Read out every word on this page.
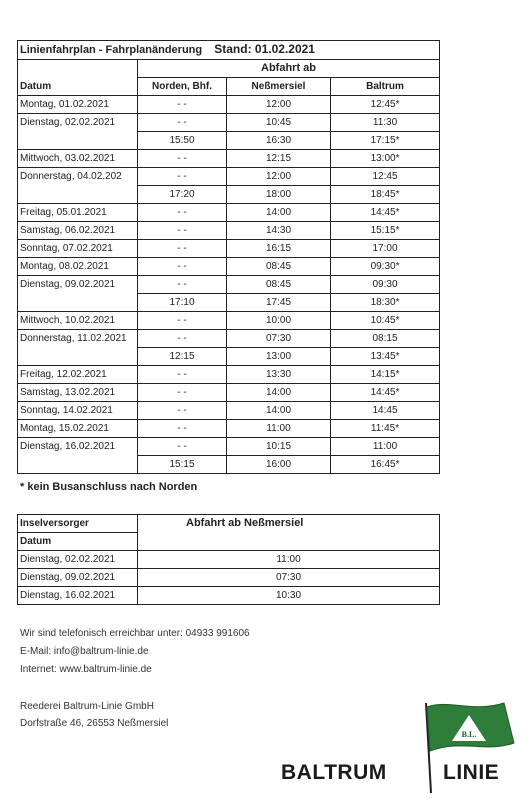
Linienfahrplan - Fahrplanänderung Stand: 01.02.2021			
	Abfahrt ab		
Datum	Norden, Bhf.	Neßmersiel	Baltrum
Montag, 01.02.2021	- -	12:00	12:45*
Dienstag, 02.02.2021	- -	10:45	11:30
	15:50	16:30	17:15*
Mittwoch, 03.02.2021	- -	12:15	13:00*
Donnerstag, 04.02.202	- -	12:00	12:45
	17:20	18:00	18:45*
Freitag, 05.01.2021	- -	14:00	14:45*
Samstag, 06.02.2021	- -	14:30	15:15*
Sonntag, 07.02.2021	- -	16:15	17:00
Montag, 08.02.2021	- -	08:45	09:30*
Dienstag, 09.02.2021	- -	08:45	09:30
	17:10	17:45	18:30*
Mittwoch, 10.02.2021	- -	10:00	10:45*
Donnerstag, 11.02.2021	- -	07:30	08:15
	12:15	13:00	13:45*
Freitag, 12.02.2021	- -	13:30	14:15*
Samstag, 13.02.2021	- -	14:00	14:45*
Sonntag, 14.02.2021	- -	14:00	14:45
Montag, 15.02.2021	- -	11:00	11:45*
Dienstag, 16.02.2021	- -	10:15	11:00
	15:15	16:00	16:45*
* kein Busanschluss nach Norden
Inselversorger	Abfahrt ab Neßmersiel
Datum	
Dienstag, 02.02.2021	11:00
Dienstag, 09.02.2021	07:30
Dienstag, 16.02.2021	10:30
Wir sind telefonisch erreichbar unter: 04933 991606
E-Mail: info@baltrum-linie.de
Internet: www.baltrum-linie.de
Reederei Baltrum-Linie GmbH
Dorfstraße 46, 26553 Neßmersiel
B.L.
BALTRUM	LINIE
